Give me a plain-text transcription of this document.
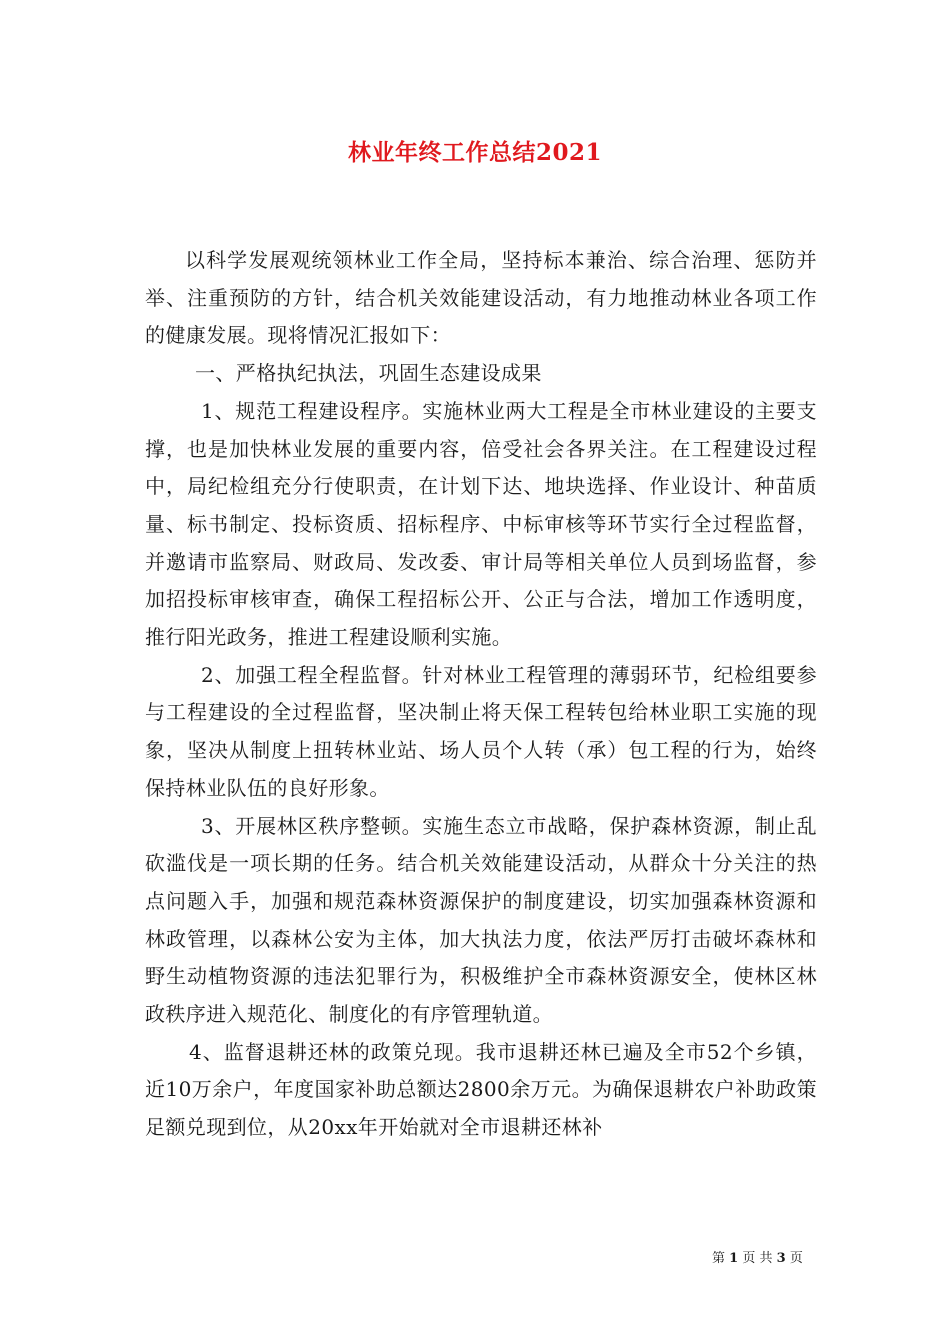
林业年终工作总结2021

以科学发展观统领林业工作全局，坚持标本兼治、综合治理、惩防并举、注重预防的方针，结合机关效能建设活动，有力地推动林业各项工作的健康发展。现将情况汇报如下：

一、严格执纪执法，巩固生态建设成果

1、规范工程建设程序。实施林业两大工程是全市林业建设的主要支撑，也是加快林业发展的重要内容，倍受社会各界关注。在工程建设过程中，局纪检组充分行使职责，在计划下达、地块选择、作业设计、种苗质量、标书制定、投标资质、招标程序、中标审核等环节实行全过程监督，并邀请市监察局、财政局、发改委、审计局等相关单位人员到场监督，参加招投标审核审查，确保工程招标公开、公正与合法，增加工作透明度，推行阳光政务，推进工程建设顺利实施。

2、加强工程全程监督。针对林业工程管理的薄弱环节，纪检组要参与工程建设的全过程监督，坚决制止将天保工程转包给林业职工实施的现象，坚决从制度上扭转林业站、场人员个人转（承）包工程的行为，始终保持林业队伍的良好形象。

3、开展林区秩序整顿。实施生态立市战略，保护森林资源，制止乱砍滥伐是一项长期的任务。结合机关效能建设活动，从群众十分关注的热点问题入手，加强和规范森林资源保护的制度建设，切实加强森林资源和林政管理，以森林公安为主体，加大执法力度，依法严厉打击破坏森林和野生动植物资源的违法犯罪行为，积极维护全市森林资源安全，使林区林政秩序进入规范化、制度化的有序管理轨道。

4、监督退耕还林的政策兑现。我市退耕还林已遍及全市52个乡镇，近10万余户，年度国家补助总额达2800余万元。为确保退耕农户补助政策足额兑现到位，从20xx年开始就对全市退耕还林补

第 1 页 共 3 页
